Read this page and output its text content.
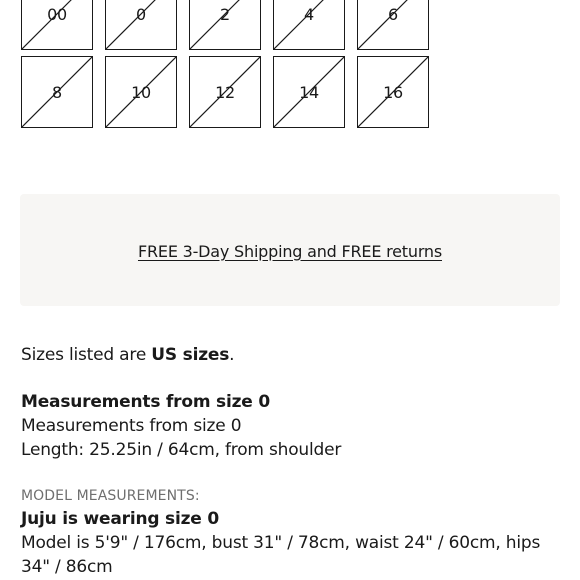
00	0	2	4	6
8	10	12	14	16
FREE 3-Day Shipping and FREE returns

Sizes listed are US sizes.

Measurements from size 0

Measurements from size 0

Length: 25.25in / 64cm, from shoulder

MODEL MEASUREMENTS:

Juju is wearing size 0

Model is 5'9" / 176cm, bust 31" / 78cm, waist 24" / 60cm, hips 34" / 86cm
